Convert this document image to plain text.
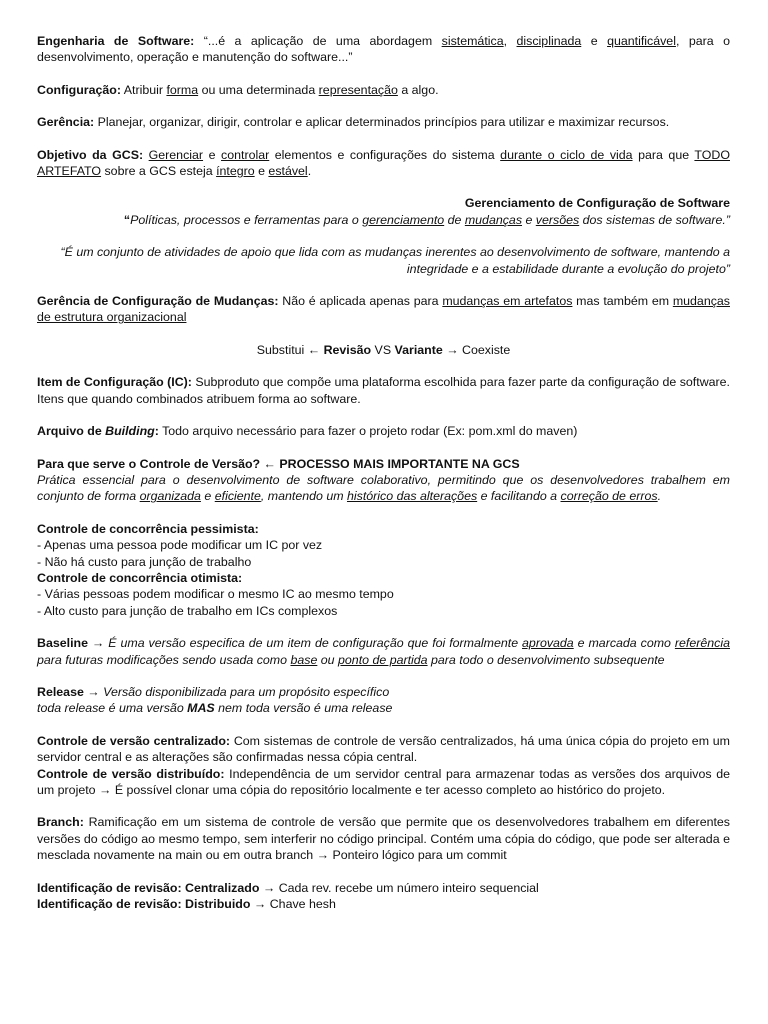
Engenharia de Software: “...é a aplicação de uma abordagem sistemática, disciplinada e quantificável, para o desenvolvimento, operação e manutenção do software...”

Configuração: Atribuir forma ou uma determinada representação a algo.

Gerência: Planejar, organizar, dirigir, controlar e aplicar determinados princípios para utilizar e maximizar recursos.

Objetivo da GCS: Gerenciar e controlar elementos e configurações do sistema durante o ciclo de vida para que TODO ARTEFATO sobre a GCS esteja íntegro e estável.

Gerenciamento de Configuração de Software
“Políticas, processos e ferramentas para o gerenciamento de mudanças e versões dos sistemas de software.”

“É um conjunto de atividades de apoio que lida com as mudanças inerentes ao desenvolvimento de software, mantendo a integridade e a estabilidade durante a evolução do projeto”

Gerência de Configuração de Mudanças: Não é aplicada apenas para mudanças em artefatos mas também em mudanças de estrutura organizacional

Substitui ← Revisão VS Variante → Coexiste

Item de Configuração (IC): Subproduto que compõe uma plataforma escolhida para fazer parte da configuração de software. Itens que quando combinados atribuem forma ao software.

Arquivo de Building: Todo arquivo necessário para fazer o projeto rodar (Ex: pom.xml do maven)

Para que serve o Controle de Versão? ← PROCESSO MAIS IMPORTANTE NA GCS
Prática essencial para o desenvolvimento de software colaborativo, permitindo que os desenvolvedores trabalhem em conjunto de forma organizada e eficiente, mantendo um histórico das alterações e facilitando a correção de erros.
Controle de concorrência pessimista:
- Apenas uma pessoa pode modificar um IC por vez
- Não há custo para junção de trabalho
Controle de concorrência otimista:
- Várias pessoas podem modificar o mesmo IC ao mesmo tempo
- Alto custo para junção de trabalho em ICs complexos

Baseline → É uma versão especifica de um item de configuração que foi formalmente aprovada e marcada como referência para futuras modificações sendo usada como base ou ponto de partida para todo o desenvolvimento subsequente

Release → Versão disponibilizada para um propósito específico
toda release é uma versão MAS nem toda versão é uma release
Controle de versão centralizado: Com sistemas de controle de versão centralizados, há uma única cópia do projeto em um servidor central e as alterações são confirmadas nessa cópia central.
Controle de versão distribuído: Independência de um servidor central para armazenar todas as versões dos arquivos de um projeto → É possível clonar uma cópia do repositório localmente e ter acesso completo ao histórico do projeto.

Branch: Ramificação em um sistema de controle de versão que permite que os desenvolvedores trabalhem em diferentes versões do código ao mesmo tempo, sem interferir no código principal. Contém uma cópia do código, que pode ser alterada e mesclada novamente na main ou em outra branch → Ponteiro lógico para um commit

Identificação de revisão: Centralizado → Cada rev. recebe um número inteiro sequencial
Identificação de revisão: Distribuido → Chave hesh
